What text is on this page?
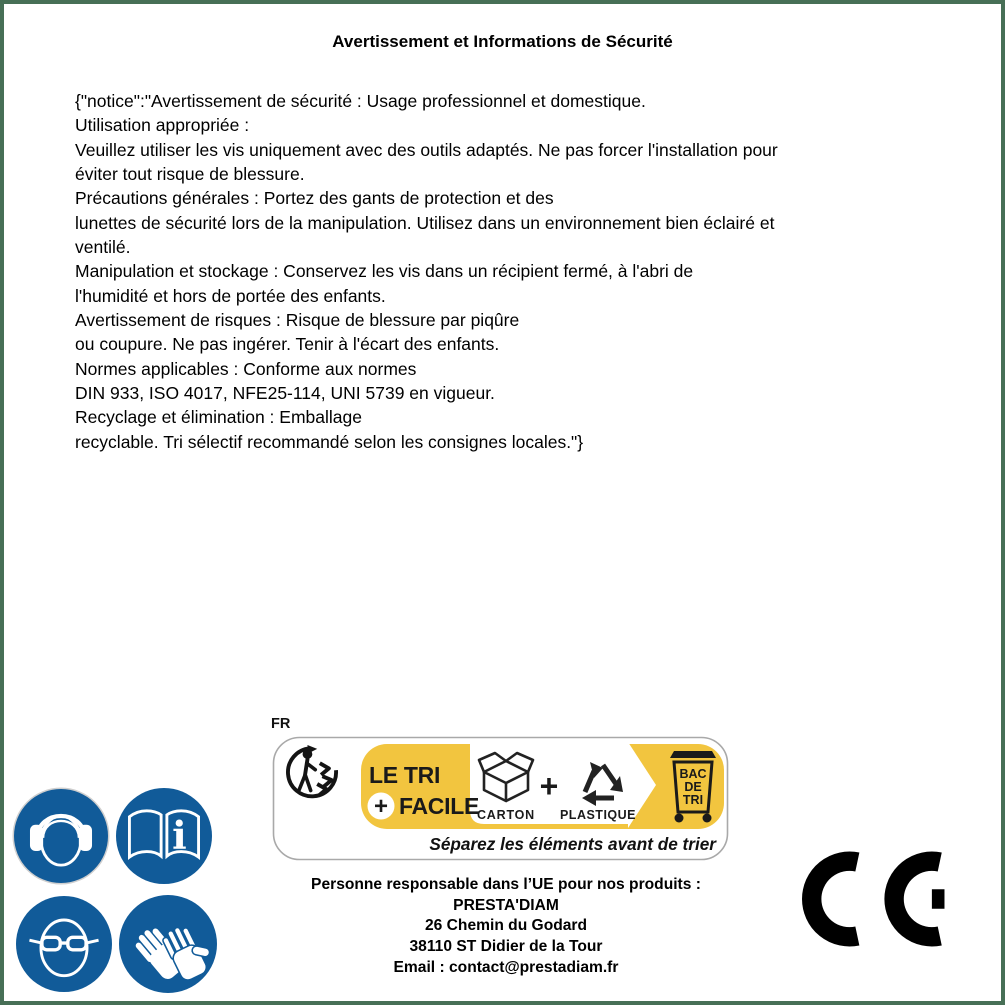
Avertissement et Informations de Sécurité
{"notice":"Avertissement de sécurité : Usage professionnel et domestique.
Utilisation appropriée :
Veuillez utiliser les vis uniquement avec des outils adaptés. Ne pas forcer l'installation pour
éviter tout risque de blessure.
Précautions générales : Portez des gants de protection et des
lunettes de sécurité lors de la manipulation. Utilisez dans un environnement bien éclairé et
ventilé.
Manipulation et stockage : Conservez les vis dans un récipient fermé, à l'abri de
l'humidité et hors de portée des enfants.
Avertissement de risques : Risque de blessure par piqûre
ou coupure. Ne pas ingérer. Tenir à l'écart des enfants.
Normes applicables : Conforme aux normes
DIN 933, ISO 4017, NFE25-114, UNI 5739 en vigueur.
Recyclage et élimination : Emballage
recyclable. Tri sélectif recommandé selon les consignes locales."}
i
FR
LE TRI
+ FACILE
CARTON
+
PLASTIQUE
BAC
DE
TRI
Séparez les éléments avant de trier
Personne responsable dans l’UE pour nos produits :
PRESTA'DIAM
26 Chemin du Godard
38110 ST Didier de la Tour
Email : contact@prestadiam.fr
